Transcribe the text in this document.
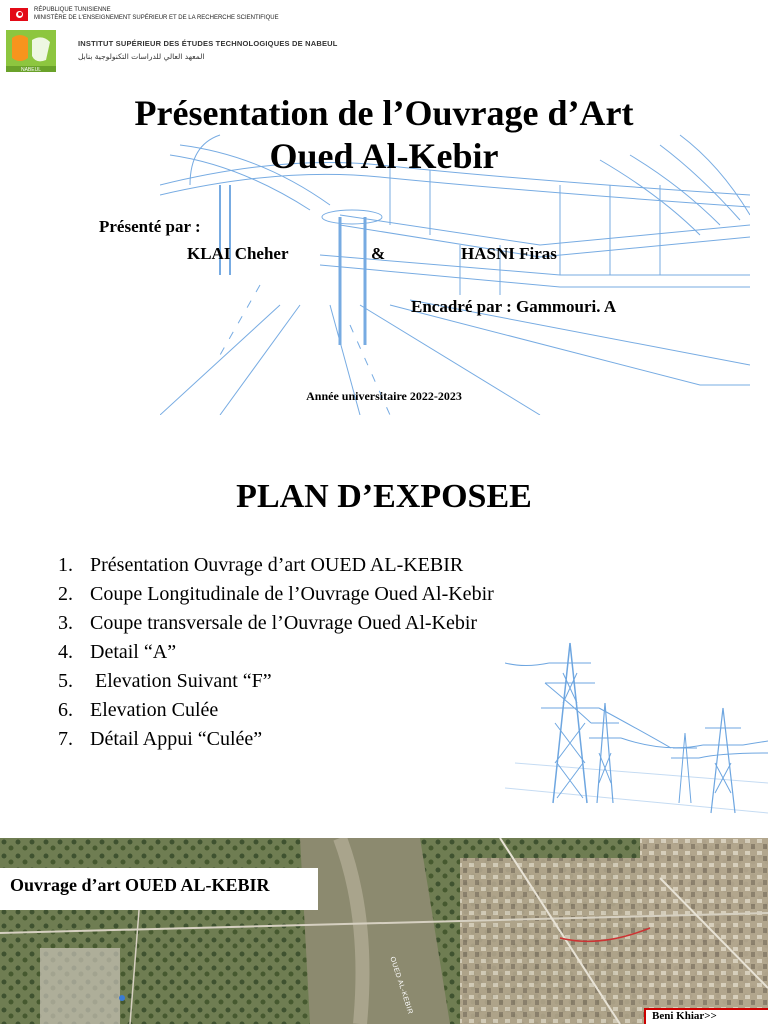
RÉPUBLIQUE TUNISIENNE
MINISTÈRE DE L'ENSEIGNEMENT SUPÉRIEUR ET DE LA RECHERCHE SCIENTIFIQUE
NABEUL
INSTITUT SUPÉRIEUR DES ÉTUDES TECHNOLOGIQUES DE NABEUL
المعهد العالي للدراسات التكنولوجية بنابل
Présentation de l’Ouvrage d’Art
Oued Al-Kebir
Présenté par :
KLAI Cheher	&	HASNI Firas
Encadré par : Gammouri. A
Année universitaire 2022-2023
PLAN D’EXPOSEE
1. Présentation Ouvrage d’art OUED AL-KEBIR
2. Coupe Longitudinale de l’Ouvrage Oued Al-Kebir
3. Coupe transversale de l’Ouvrage Oued Al-Kebir
4. Detail “A”
5. Elevation Suivant “F”
6. Elevation Culée
7. Détail Appui “Culée”
Ouvrage d’art OUED AL-KEBIR
OUED AL-KEBIR
Beni Khiar>>
